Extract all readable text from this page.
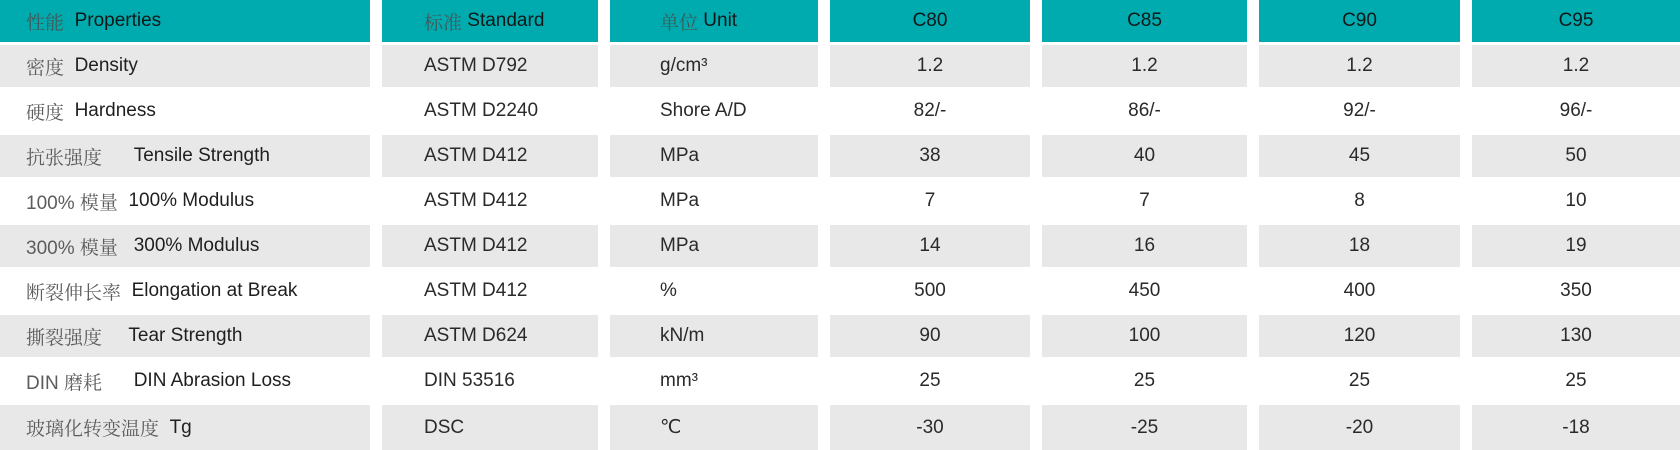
性能 Properties	标准 Standard	单位 Unit	C80	C85	C90	C95
密度 Density	ASTM D792	g/cm³	1.2	1.2	1.2	1.2
硬度 Hardness	ASTM D2240	Shore A/D	82/-	86/-	92/-	96/-
抗张强度 Tensile Strength	ASTM D412	MPa	38	40	45	50
100% 模量 100% Modulus	ASTM D412	MPa	7	7	8	10
300% 模量 300% Modulus	ASTM D412	MPa	14	16	18	19
断裂伸长率 Elongation at Break	ASTM D412	%	500	450	400	350
撕裂强度 Tear Strength	ASTM D624	kN/m	90	100	120	130
DIN 磨耗 DIN Abrasion Loss	DIN 53516	mm³	25	25	25	25
玻璃化转变温度 Tg	DSC	℃	-30	-25	-20	-18
